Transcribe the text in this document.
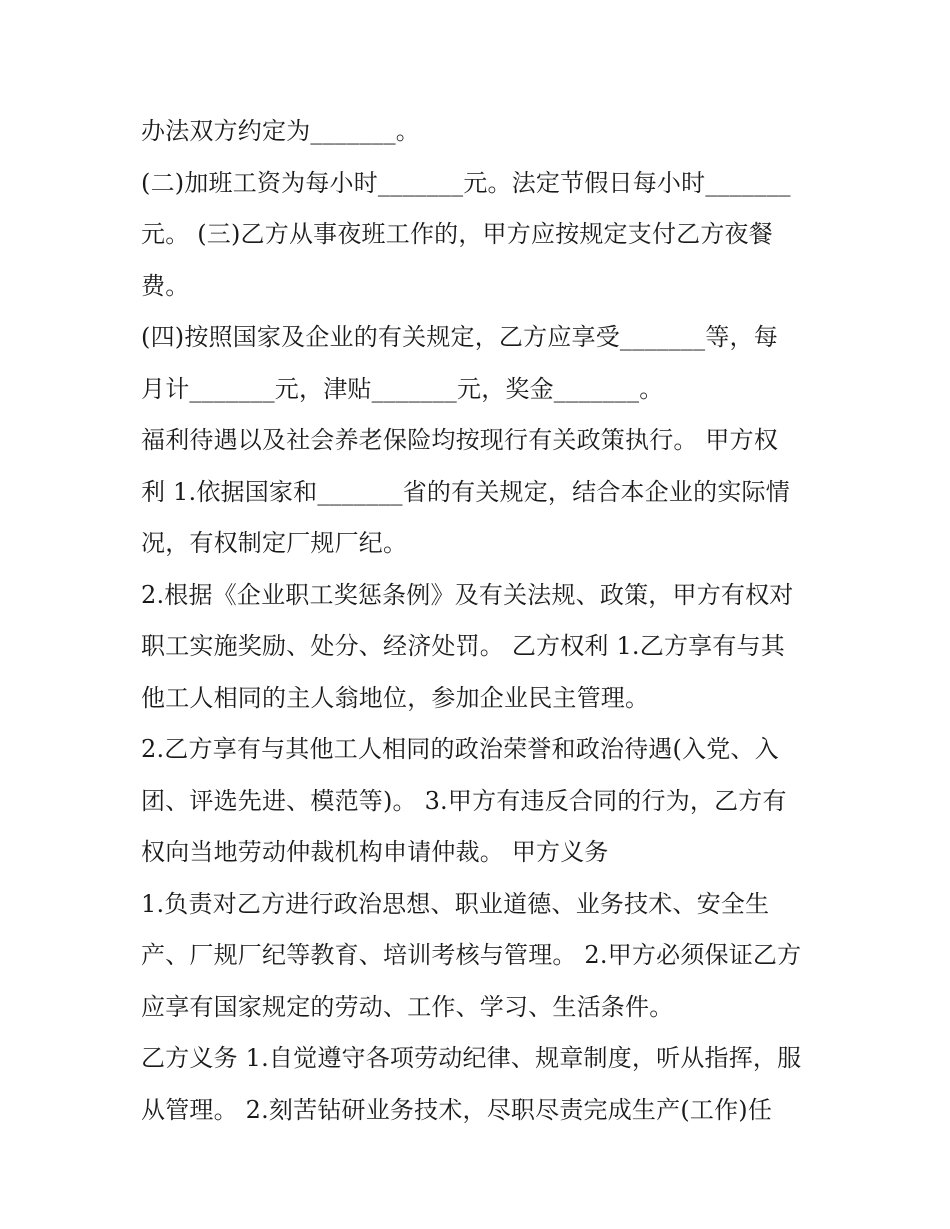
办法双方约定为_______。
(二)加班工资为每小时_______元。法定节假日每小时_______
元。 (三)乙方从事夜班工作的，甲方应按规定支付乙方夜餐
费。
(四)按照国家及企业的有关规定，乙方应享受_______等，每
月计_______元，津贴_______元，奖金_______。
福利待遇以及社会养老保险均按现行有关政策执行。 甲方权
利 1.依据国家和_______省的有关规定，结合本企业的实际情
况，有权制定厂规厂纪。
2.根据《企业职工奖惩条例》及有关法规、政策，甲方有权对
职工实施奖励、处分、经济处罚。 乙方权利 1.乙方享有与其
他工人相同的主人翁地位，参加企业民主管理。
2.乙方享有与其他工人相同的政治荣誉和政治待遇(入党、入
团、评选先进、模范等)。 3.甲方有违反合同的行为，乙方有
权向当地劳动仲裁机构申请仲裁。 甲方义务
1.负责对乙方进行政治思想、职业道德、业务技术、安全生
产、厂规厂纪等教育、培训考核与管理。 2.甲方必须保证乙方
应享有国家规定的劳动、工作、学习、生活条件。
乙方义务 1.自觉遵守各项劳动纪律、规章制度，听从指挥，服
从管理。 2.刻苦钻研业务技术，尽职尽责完成生产(工作)任
